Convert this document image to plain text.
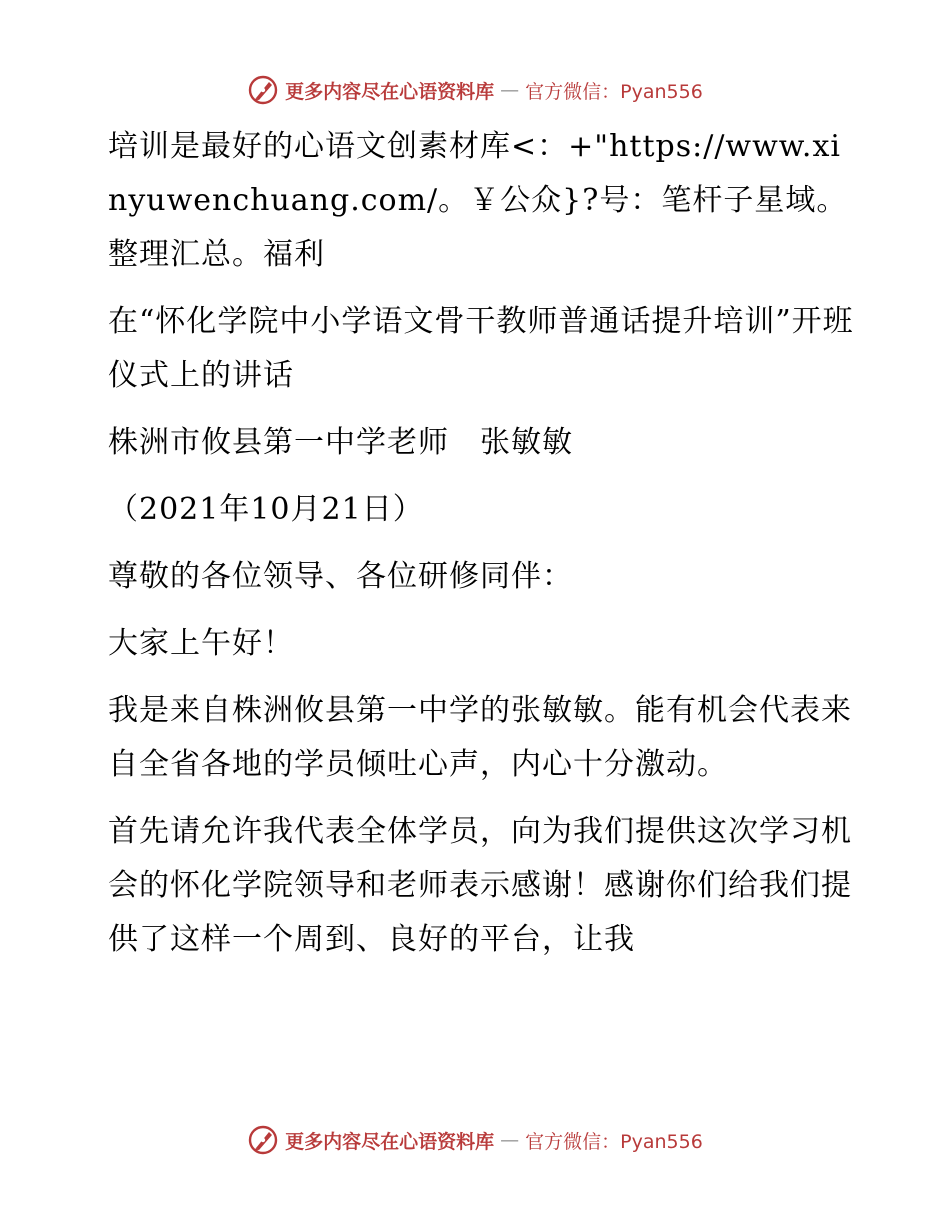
更多内容尽在心语资料库 — 官方微信：Pyan556

培训是最好的心语文创素材库<：+"https://www.xinyuwenchuang.com/。￥公众}?号：笔杆子星域。整理汇总。福利

在“怀化学院中小学语文骨干教师普通话提升培训”开班仪式上的讲话

株洲市攸县第一中学老师　张敏敏

（2021年10月21日）

尊敬的各位领导、各位研修同伴：

大家上午好！

我是来自株洲攸县第一中学的张敏敏。能有机会代表来自全省各地的学员倾吐心声，内心十分激动。

首先请允许我代表全体学员，向为我们提供这次学习机会的怀化学院领导和老师表示感谢！感谢你们给我们提供了这样一个周到、良好的平台，让我

更多内容尽在心语资料库 — 官方微信：Pyan556
